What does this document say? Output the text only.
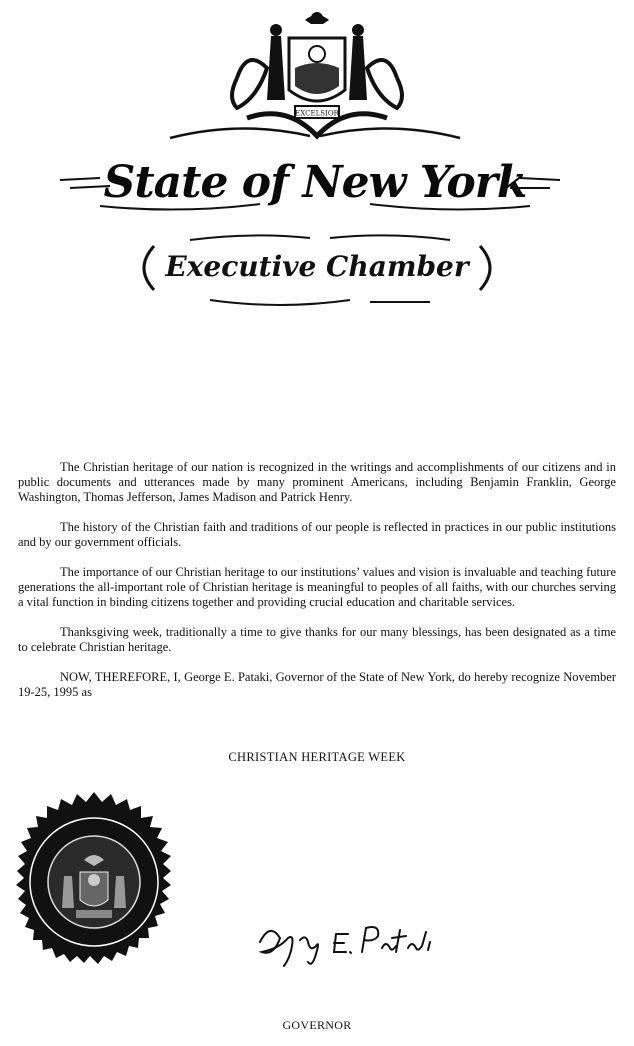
EXCELSIOR
State of New York
Executive Chamber

The Christian heritage of our nation is recognized in the writings and accomplishments of our citizens and in public documents and utterances made by many prominent Americans, including Benjamin Franklin, George Washington, Thomas Jefferson, James Madison and Patrick Henry.

The history of the Christian faith and traditions of our people is reflected in practices in our public institutions and by our government officials.

The importance of our Christian heritage to our institutions’ values and vision is invaluable and teaching future generations the all-important role of Christian heritage is meaningful to peoples of all faiths, with our churches serving a vital function in binding citizens together and providing crucial education and charitable services.

Thanksgiving week, traditionally a time to give thanks for our many blessings, has been designated as a time to celebrate Christian heritage.

NOW, THEREFORE, I, George E. Pataki, Governor of the State of New York, do hereby recognize November 19-25, 1995 as

CHRISTIAN HERITAGE WEEK
GOVERNOR
